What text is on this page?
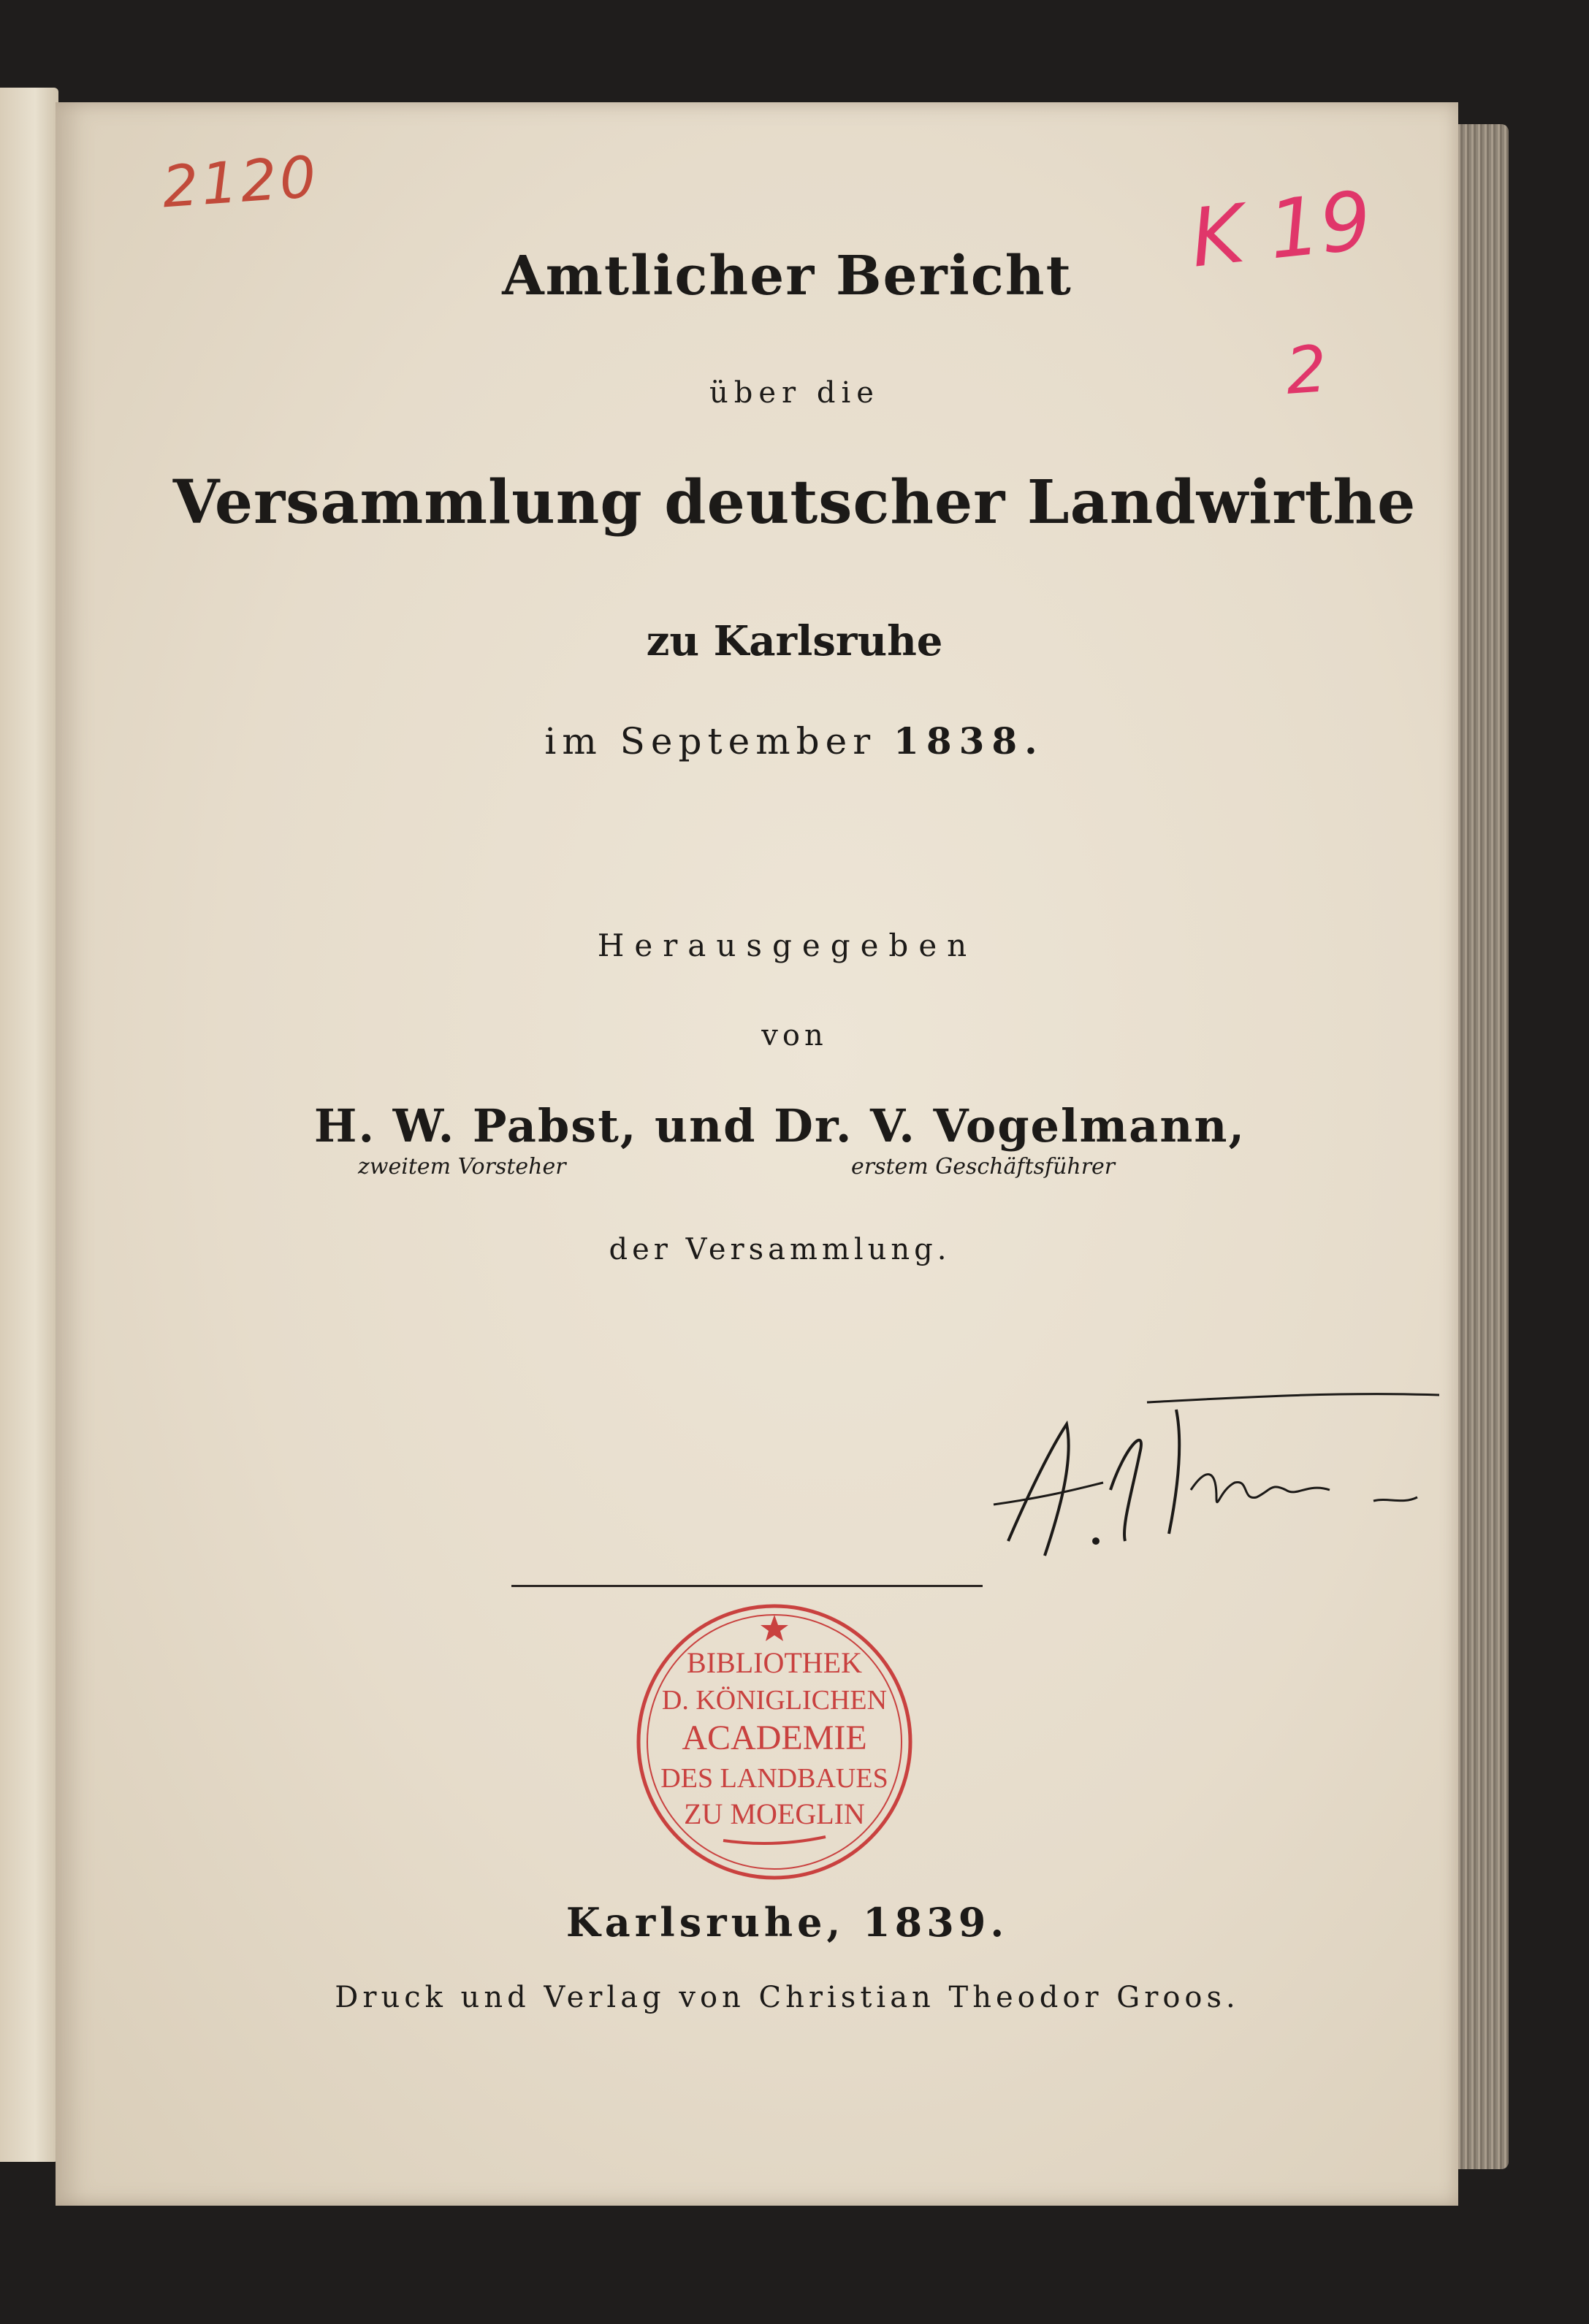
2120	K 19
2
Amtlicher Bericht
über die
Versammlung deutscher Landwirthe
zu Karlsruhe
im September 1838.
Herausgegeben
von
H. W. Pabst, und Dr. V. Vogelmann,
zweitem Vorsteher	erstem Geschäftsführer
der Versammlung.
BIBLIOTHEK
D. KÖNIGLICHEN
ACADEMIE
DES LANDBAUES
ZU MOEGLIN
Karlsruhe, 1839.
Druck und Verlag von Christian Theodor Groos.
